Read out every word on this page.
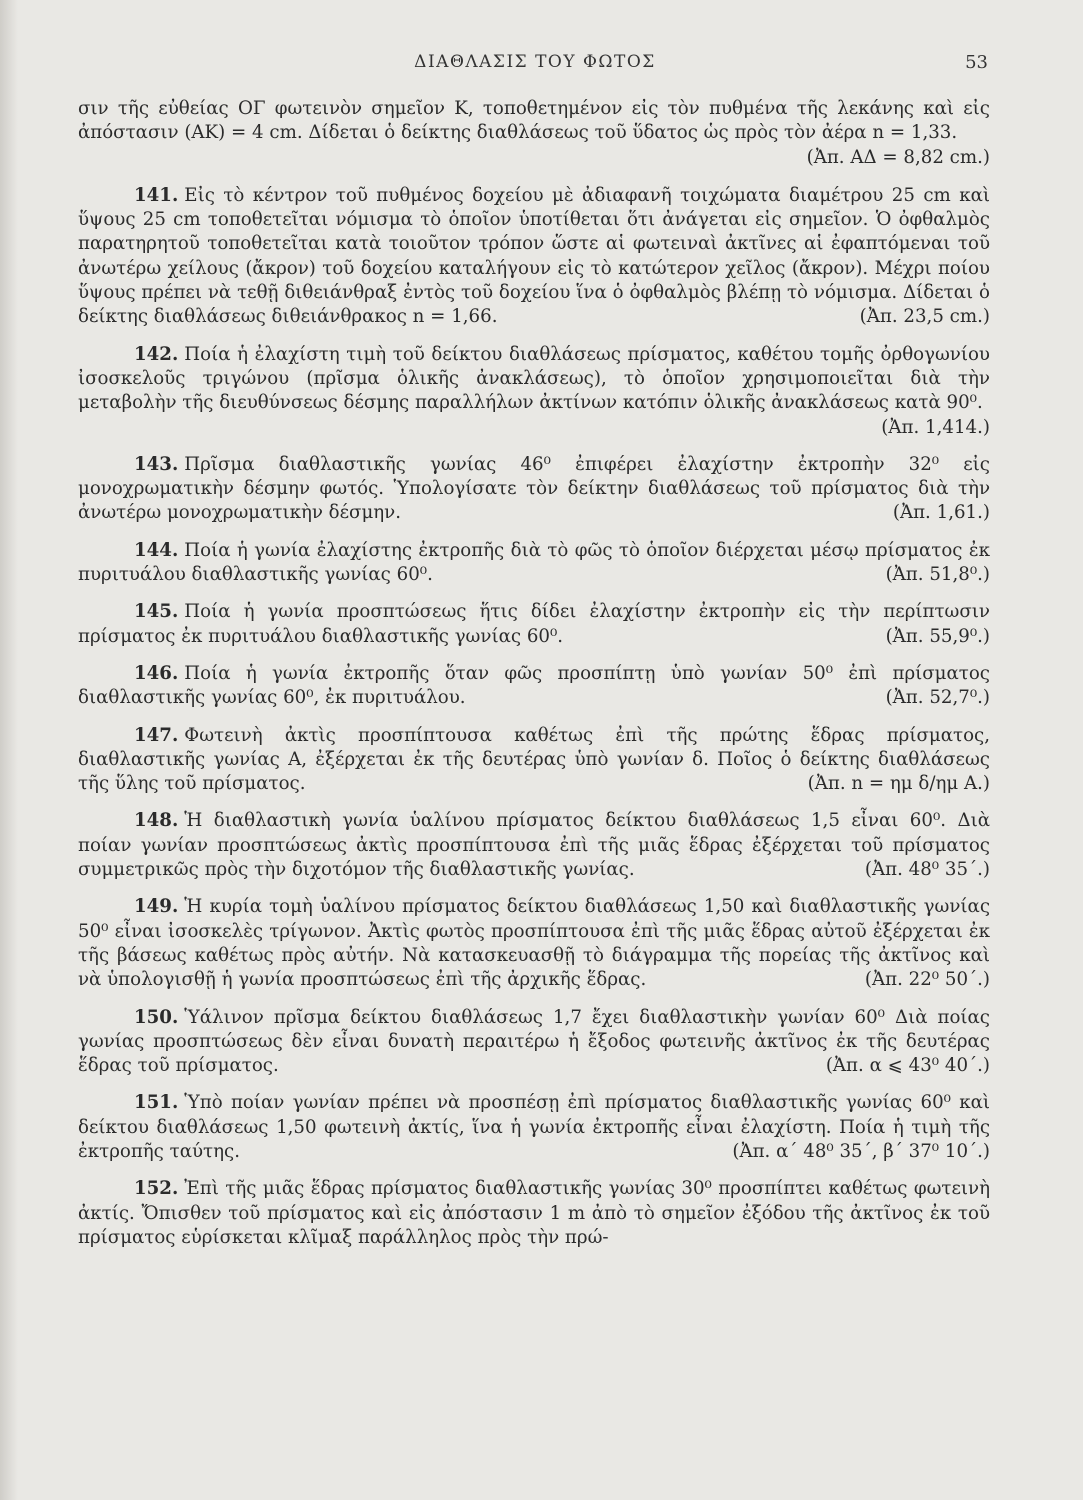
ΔΙΑΘΛΑΣΙΣ ΤΟΥ ΦΩΤΟΣ	53

σιν τῆς εὐθείας ΟΓ φωτεινὸν σημεῖον Κ, τοποθετημένον εἰς τὸν πυθμένα τῆς λεκάνης καὶ εἰς ἀπόστασιν (ΑΚ) = 4 cm. Δίδεται ὁ δείκτης διαθλάσεως τοῦ ὕδατος ὡς πρὸς τὸν ἀέρα n = 1,33.
(Ἀπ. ΑΔ = 8,82 cm.)

141. Εἰς τὸ κέντρον τοῦ πυθμένος δοχείου μὲ ἀδιαφανῆ τοιχώματα διαμέτρου 25 cm καὶ ὕψους 25 cm τοποθετεῖται νόμισμα τὸ ὁποῖον ὑποτίθεται ὅτι ἀνάγεται εἰς σημεῖον. Ὁ ὀφθαλμὸς παρατηρητοῦ τοποθετεῖται κατὰ τοιοῦτον τρόπον ὥστε αἱ φωτειναὶ ἀκτῖνες αἱ ἐφαπτόμεναι τοῦ ἀνωτέρω χείλους (ἄκρον) τοῦ δοχείου καταλήγουν εἰς τὸ κατώτερον χεῖλος (ἄκρον). Μέχρι ποίου ὕψους πρέπει νὰ τεθῇ διθειάνθραξ ἐντὸς τοῦ δοχείου ἵνα ὁ ὀφθαλμὸς βλέπῃ τὸ νόμισμα. Δίδεται ὁ δείκτης διαθλάσεως διθειάνθρακος n = 1,66.	(Ἀπ. 23,5 cm.)

142. Ποία ἡ ἐλαχίστη τιμὴ τοῦ δείκτου διαθλάσεως πρίσματος, καθέτου τομῆς ὀρθογωνίου ἰσοσκελοῦς τριγώνου (πρῖσμα ὁλικῆς ἀνακλάσεως), τὸ ὁποῖον χρησιμοποιεῖται διὰ τὴν μεταβολὴν τῆς διευθύνσεως δέσμης παραλλήλων ἀκτίνων κατόπιν ὁλικῆς ἀνακλάσεως κατὰ 90⁰.
(Ἀπ. 1,414.)

143. Πρῖσμα διαθλαστικῆς γωνίας 46⁰ ἐπιφέρει ἐλαχίστην ἐκτροπὴν 32⁰ εἰς μονοχρωματικὴν δέσμην φωτός. Ὑπολογίσατε τὸν δείκτην διαθλάσεως τοῦ πρίσματος διὰ τὴν ἀνωτέρω μονοχρωματικὴν δέσμην.	(Ἀπ. 1,61.)

144. Ποία ἡ γωνία ἐλαχίστης ἐκτροπῆς διὰ τὸ φῶς τὸ ὁποῖον διέρχεται μέσῳ πρίσματος ἐκ πυριτυάλου διαθλαστικῆς γωνίας 60⁰.	(Ἀπ. 51,8⁰.)

145. Ποία ἡ γωνία προσπτώσεως ἥτις δίδει ἐλαχίστην ἐκτροπὴν εἰς τὴν περίπτωσιν πρίσματος ἐκ πυριτυάλου διαθλαστικῆς γωνίας 60⁰.	(Ἀπ. 55,9⁰.)

146. Ποία ἡ γωνία ἐκτροπῆς ὅταν φῶς προσπίπτῃ ὑπὸ γωνίαν 50⁰ ἐπὶ πρίσματος διαθλαστικῆς γωνίας 60⁰, ἐκ πυριτυάλου.	(Ἀπ. 52,7⁰.)

147. Φωτεινὴ ἀκτὶς προσπίπτουσα καθέτως ἐπὶ τῆς πρώτης ἕδρας πρίσματος, διαθλαστικῆς γωνίας Α, ἐξέρχεται ἐκ τῆς δευτέρας ὑπὸ γωνίαν δ. Ποῖος ὁ δείκτης διαθλάσεως τῆς ὕλης τοῦ πρίσματος.	(Ἀπ. n = ημ δ/ημ Α.)

148. Ἡ διαθλαστικὴ γωνία ὑαλίνου πρίσματος δείκτου διαθλάσεως 1,5 εἶναι 60⁰. Διὰ ποίαν γωνίαν προσπτώσεως ἀκτὶς προσπίπτουσα ἐπὶ τῆς μιᾶς ἕδρας ἐξέρχεται τοῦ πρίσματος συμμετρικῶς πρὸς τὴν διχοτόμον τῆς διαθλαστικῆς γωνίας.	(Ἀπ. 48⁰ 35΄.)

149. Ἡ κυρία τομὴ ὑαλίνου πρίσματος δείκτου διαθλάσεως 1,50 καὶ διαθλαστικῆς γωνίας 50⁰ εἶναι ἰσοσκελὲς τρίγωνον. Ἀκτὶς φωτὸς προσπίπτουσα ἐπὶ τῆς μιᾶς ἕδρας αὐτοῦ ἐξέρχεται ἐκ τῆς βάσεως καθέτως πρὸς αὐτήν. Νὰ κατασκευασθῇ τὸ διάγραμμα τῆς πορείας τῆς ἀκτῖνος καὶ νὰ ὑπολογισθῇ ἡ γωνία προσπτώσεως ἐπὶ τῆς ἀρχικῆς ἕδρας.	(Ἀπ. 22⁰ 50΄.)

150. Ὑάλινον πρῖσμα δείκτου διαθλάσεως 1,7 ἔχει διαθλαστικὴν γωνίαν 60⁰ Διὰ ποίας γωνίας προσπτώσεως δὲν εἶναι δυνατὴ περαιτέρω ἡ ἔξοδος φωτεινῆς ἀκτῖνος ἐκ τῆς δευτέρας ἕδρας τοῦ πρίσματος.	(Ἀπ. α ⩽ 43⁰ 40΄.)

151. Ὑπὸ ποίαν γωνίαν πρέπει νὰ προσπέσῃ ἐπὶ πρίσματος διαθλαστικῆς γωνίας 60⁰ καὶ δείκτου διαθλάσεως 1,50 φωτεινὴ ἀκτίς, ἵνα ἡ γωνία ἐκτροπῆς εἶναι ἐλαχίστη. Ποία ἡ τιμὴ τῆς ἐκτροπῆς ταύτης.	(Ἀπ. α΄ 48⁰ 35΄, β΄ 37⁰ 10΄.)

152. Ἐπὶ τῆς μιᾶς ἕδρας πρίσματος διαθλαστικῆς γωνίας 30⁰ προσπίπτει καθέτως φωτεινὴ ἀκτίς. Ὄπισθεν τοῦ πρίσματος καὶ εἰς ἀπόστασιν 1 m ἀπὸ τὸ σημεῖον ἐξόδου τῆς ἀκτῖνος ἐκ τοῦ πρίσματος εὑρίσκεται κλῖμαξ παράλληλος πρὸς τὴν πρώ-
